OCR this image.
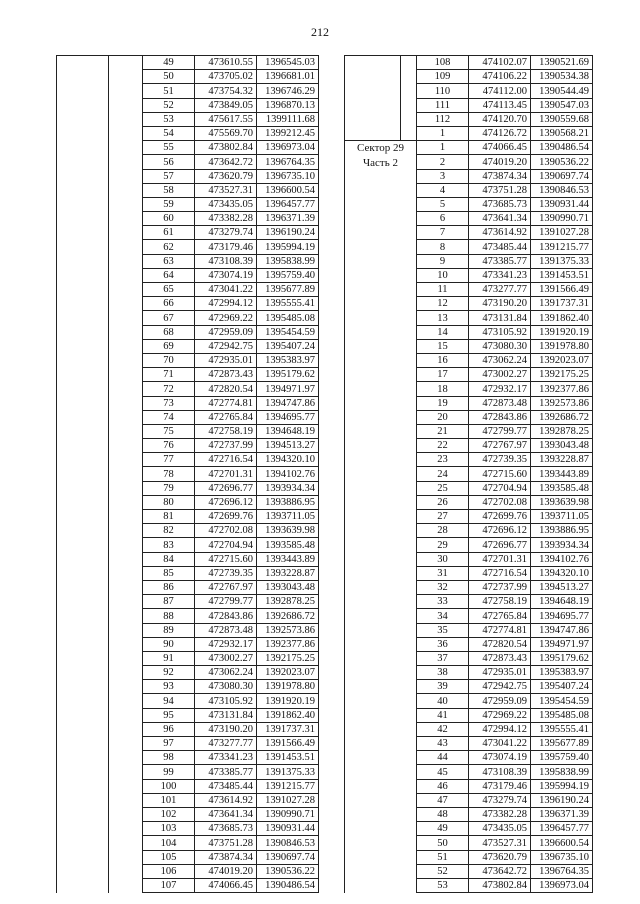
212
		49	473610.55	1396545.03
		50	473705.02	1396681.01
		51	473754.32	1396746.29
		52	473849.05	1396870.13
		53	475617.55	1399111.68
		54	475569.70	1399212.45
		55	473802.84	1396973.04
		56	473642.72	1396764.35
		57	473620.79	1396735.10
		58	473527.31	1396600.54
		59	473435.05	1396457.77
		60	473382.28	1396371.39
		61	473279.74	1396190.24
		62	473179.46	1395994.19
		63	473108.39	1395838.99
		64	473074.19	1395759.40
		65	473041.22	1395677.89
		66	472994.12	1395555.41
		67	472969.22	1395485.08
		68	472959.09	1395454.59
		69	472942.75	1395407.24
		70	472935.01	1395383.97
		71	472873.43	1395179.62
		72	472820.54	1394971.97
		73	472774.81	1394747.86
		74	472765.84	1394695.77
		75	472758.19	1394648.19
		76	472737.99	1394513.27
		77	472716.54	1394320.10
		78	472701.31	1394102.76
		79	472696.77	1393934.34
		80	472696.12	1393886.95
		81	472699.76	1393711.05
		82	472702.08	1393639.98
		83	472704.94	1393585.48
		84	472715.60	1393443.89
		85	472739.35	1393228.87
		86	472767.97	1393043.48
		87	472799.77	1392878.25
		88	472843.86	1392686.72
		89	472873.48	1392573.86
		90	472932.17	1392377.86
		91	473002.27	1392175.25
		92	473062.24	1392023.07
		93	473080.30	1391978.80
		94	473105.92	1391920.19
		95	473131.84	1391862.40
		96	473190.20	1391737.31
		97	473277.77	1391566.49
		98	473341.23	1391453.51
		99	473385.77	1391375.33
		100	473485.44	1391215.77
		101	473614.92	1391027.28
		102	473641.34	1390990.71
		103	473685.73	1390931.44
		104	473751.28	1390846.53
		105	473874.34	1390697.74
		106	474019.20	1390536.22
		107	474066.45	1390486.54
		108	474102.07	1390521.69
		109	474106.22	1390534.38
		110	474112.00	1390544.49
		111	474113.45	1390547.03
		112	474120.70	1390559.68
		1	474126.72	1390568.21

Сектор 29
Часть 2		1	474066.45	1390486.54
		2	474019.20	1390536.22
		3	473874.34	1390697.74
		4	473751.28	1390846.53
		5	473685.73	1390931.44
		6	473641.34	1390990.71
		7	473614.92	1391027.28
		8	473485.44	1391215.77
		9	473385.77	1391375.33
		10	473341.23	1391453.51
		11	473277.77	1391566.49
		12	473190.20	1391737.31
		13	473131.84	1391862.40
		14	473105.92	1391920.19
		15	473080.30	1391978.80
		16	473062.24	1392023.07
		17	473002.27	1392175.25
		18	472932.17	1392377.86
		19	472873.48	1392573.86
		20	472843.86	1392686.72
		21	472799.77	1392878.25
		22	472767.97	1393043.48
		23	472739.35	1393228.87
		24	472715.60	1393443.89
		25	472704.94	1393585.48
		26	472702.08	1393639.98
		27	472699.76	1393711.05
		28	472696.12	1393886.95
		29	472696.77	1393934.34
		30	472701.31	1394102.76
		31	472716.54	1394320.10
		32	472737.99	1394513.27
		33	472758.19	1394648.19
		34	472765.84	1394695.77
		35	472774.81	1394747.86
		36	472820.54	1394971.97
		37	472873.43	1395179.62
		38	472935.01	1395383.97
		39	472942.75	1395407.24
		40	472959.09	1395454.59
		41	472969.22	1395485.08
		42	472994.12	1395555.41
		43	473041.22	1395677.89
		44	473074.19	1395759.40
		45	473108.39	1395838.99
		46	473179.46	1395994.19
		47	473279.74	1396190.24
		48	473382.28	1396371.39
		49	473435.05	1396457.77
		50	473527.31	1396600.54
		51	473620.79	1396735.10
		52	473642.72	1396764.35
		53	473802.84	1396973.04
